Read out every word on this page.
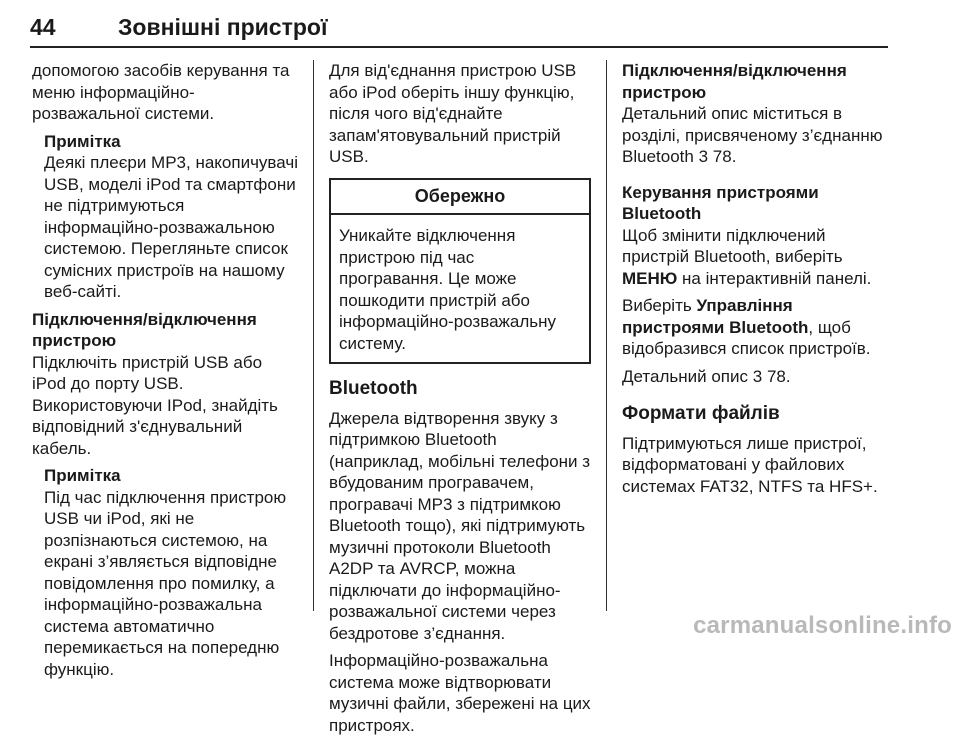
44	Зовнішні пристрої

допомогою засобів керування та меню інформаційно-розважальної системи.

Примітка
Деякі плеєри MP3, накопичувачі USB, моделі iPod та смартфони не підтримуються інформаційно-розважальною системою. Перегляньте список сумісних пристроїв на нашому веб-сайті.
Підключення/відключення пристрою

Підключіть пристрій USB або iPod до порту USB. Використовуючи IPod, знайдіть відповідний з'єднувальний кабель.

Примітка
Під час підключення пристрою USB чи iPod, які не розпізнаються системою, на екрані з’являється відповідне повідомлення про помилку, а інформаційно-розважальна система автоматично перемикається на попередню функцію.

Для від'єднання пристрою USB або iPod оберіть іншу функцію, після чого від'єднайте запам'ятовувальний пристрій USB.

Обережно
Уникайте відключення пристрою під час програвання. Це може пошкодити пристрій або інформаційно-розважальну систему.
Bluetooth

Джерела відтворення звуку з підтримкою Bluetooth (наприклад, мобільні телефони з вбудованим програвачем, програвачі MP3 з підтримкою Bluetooth тощо), які підтримують музичні протоколи Bluetooth A2DP та AVRCP, можна підключати до інформаційно-розважальної системи через бездротове з’єднання.

Інформаційно-розважальна система може відтворювати музичні файли, збережені на цих пристроях.

Підключення/відключення пристрою

Детальний опис міститься в розділі, присвяченому з’єднанню Bluetooth 3 78.

Керування пристроями Bluetooth

Щоб змінити підключений пристрій Bluetooth, виберіть МЕНЮ на інтерактивній панелі.

Виберіть Управління пристроями Bluetooth, щоб відобразився список пристроїв.

Детальний опис 3 78.

Формати файлів

Підтримуються лише пристрої, відформатовані у файлових системах FAT32, NTFS та HFS+.

carmanualsonline.info
